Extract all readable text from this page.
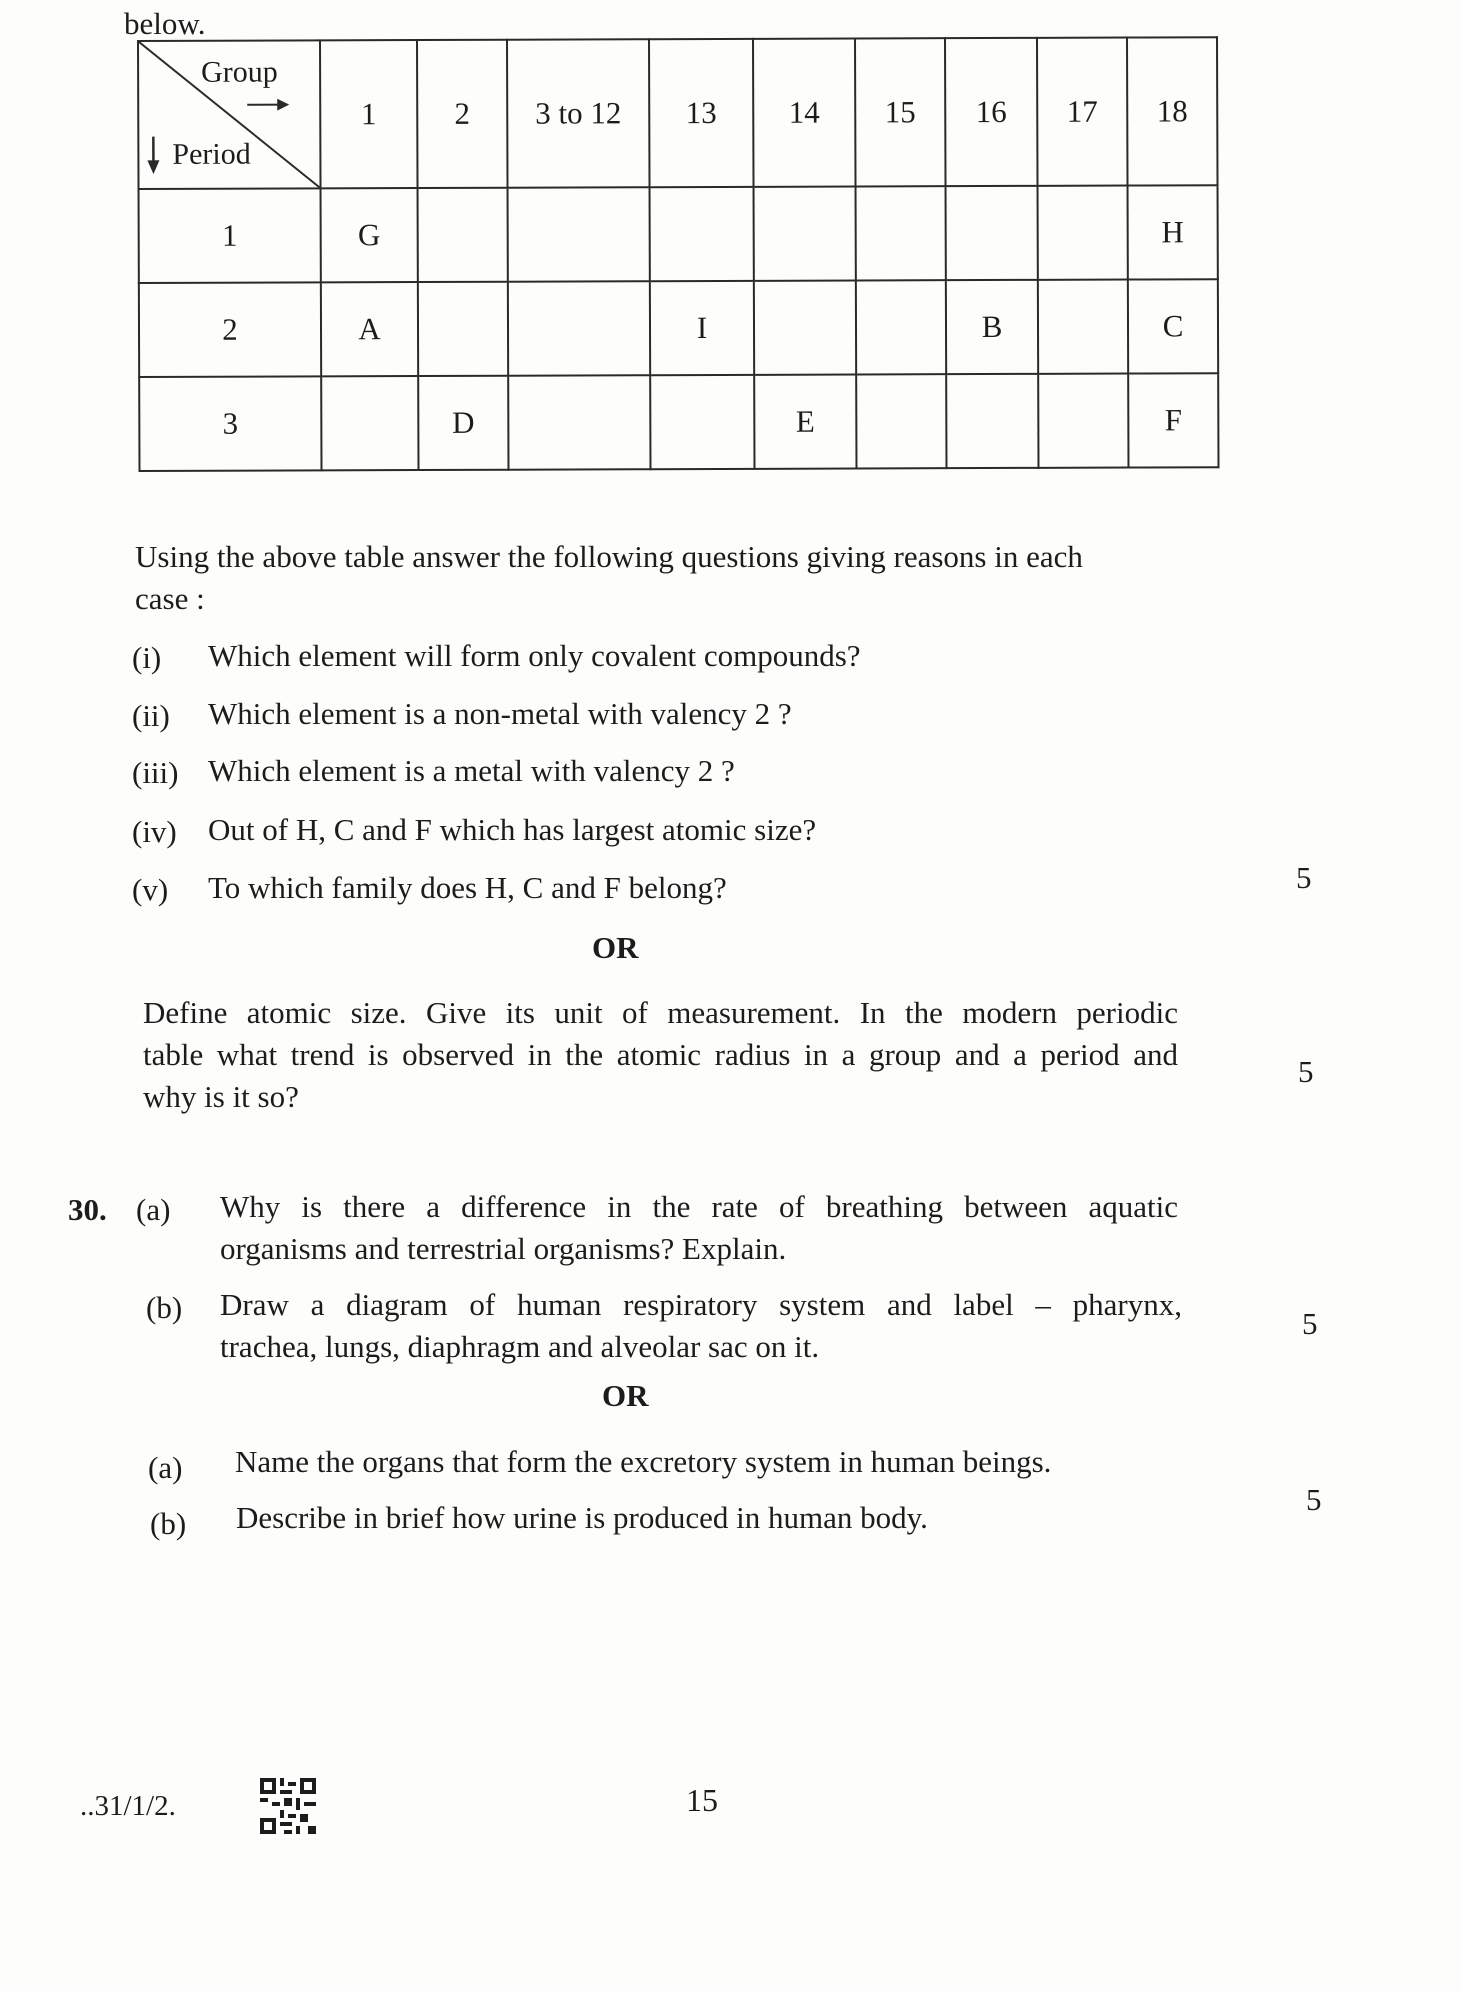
below.
Group
Period	1	2	3 to 12	13	14	15	16	17	18
1	G								H
2	A			I			B		C
3		D			E				F
Using the above table answer the following questions giving reasons in each
case :
(i) Which element will form only covalent compounds?
(ii) Which element is a non-metal with valency 2 ?
(iii) Which element is a metal with valency 2 ?
(iv) Out of H, C and F which has largest atomic size?
(v) To which family does H, C and F belong?	5
OR
Define atomic size. Give its unit of measurement. In the modern periodic
table what trend is observed in the atomic radius in a group and a period and
why is it so?
5
30. (a) Why is there a difference in the rate of breathing between aquatic
organisms and terrestrial organisms? Explain.
(b) Draw a diagram of human respiratory system and label – pharynx,
trachea, lungs, diaphragm and alveolar sac on it.
5
OR
(a) Name the organs that form the excretory system in human beings.
(b) Describe in brief how urine is produced in human body.
5
..31/1/2.	15
